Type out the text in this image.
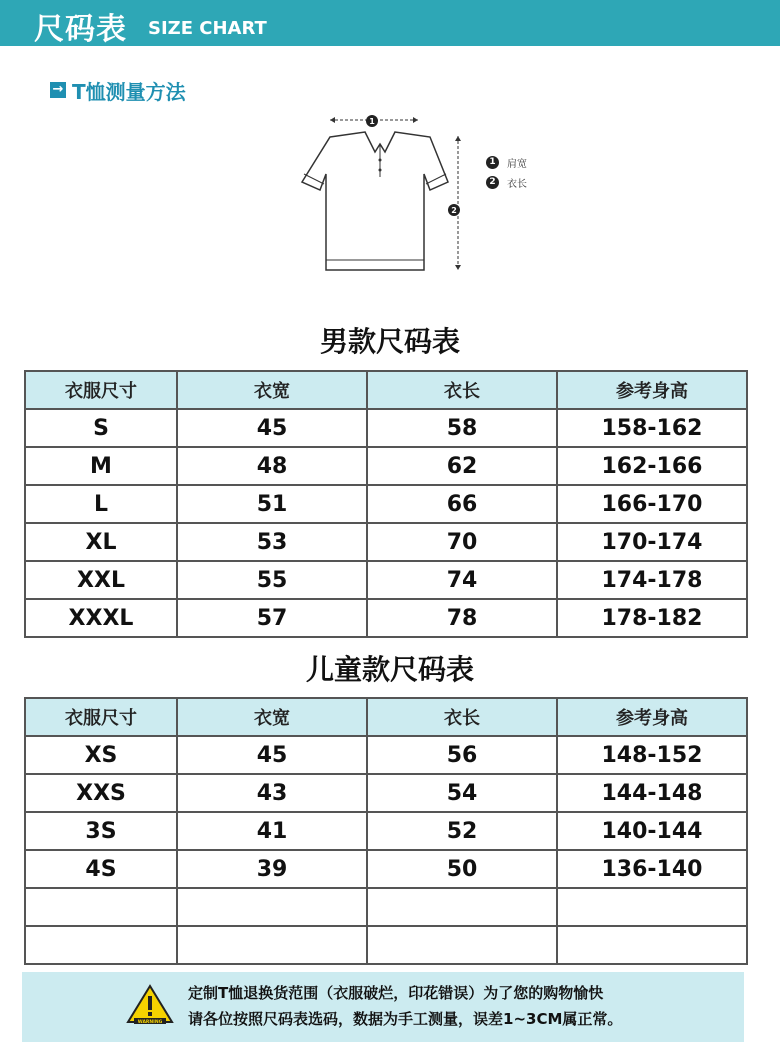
尺码表 SIZE CHART
→ T恤测量方法
1
2
1	肩宽
2	衣长
男款尺码表
衣服尺寸	衣宽	衣长	参考身高
S	45	58	158-162
M	48	62	162-166
L	51	66	166-170
XL	53	70	170-174
XXL	55	74	174-178
XXXL	57	78	178-182
儿童款尺码表
衣服尺寸	衣宽	衣长	参考身高
XS	45	56	148-152
XXS	43	54	144-148
3S	41	52	140-144
4S	39	50	136-140

WARNING
定制T恤退换货范围（衣服破烂，印花错误）为了您的购物愉快
请各位按照尺码表选码，数据为手工测量，误差1~3CM属正常。
